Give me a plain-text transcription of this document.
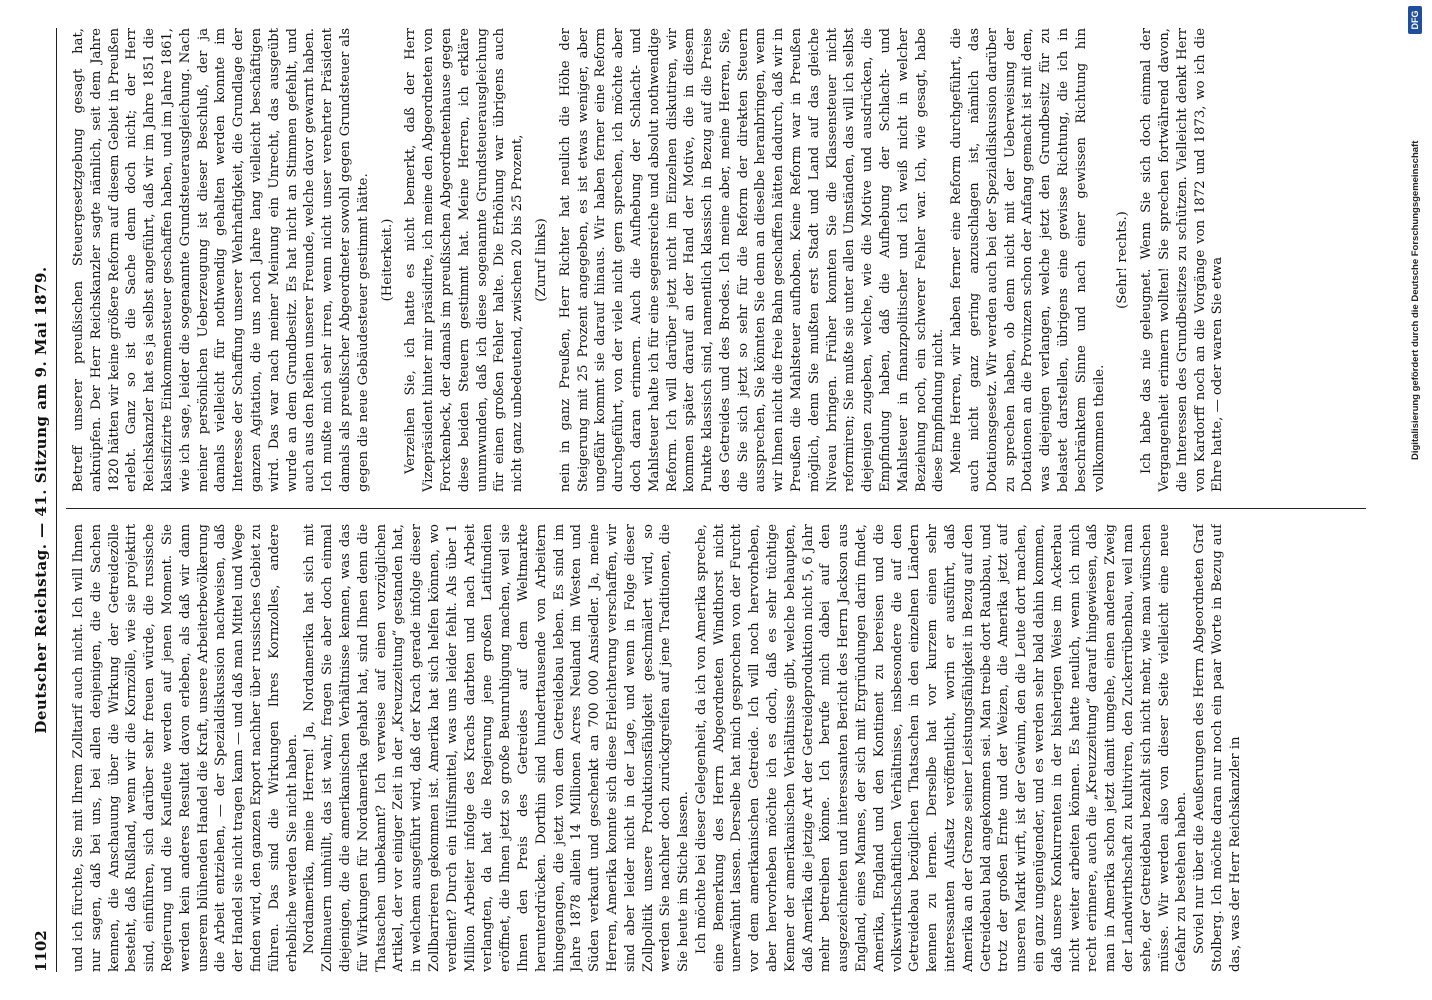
1102
Deutscher Reichstag. — 41. Sitzung am 9. Mai 1879.

und ich fürchte, Sie mit Ihrem Zolltarif auch nicht. Ich will Ihnen nur sagen, daß bei uns, bei allen denjenigen, die die Sachen kennen, die Anschauung über die Wirkung der Getreidezölle besteht, daß Rußland, wenn wir die Kornzölle, wie sie projektirt sind, einführen, sich darüber sehr freuen würde, die russische Regierung und die Kaufleute werden auf jenen Moment. Sie werden kein anderes Resultat davon erleben, als daß wir dann unserem blühenden Handel die Kraft, unsere Arbeiterbevölkerung die Arbeit entziehen, — der Spezialdiskussion nachweisen, daß der Handel sie nicht tragen kann — und daß man Mittel und Wege finden wird, den ganzen Export nachher über russisches Gebiet zu führen. Das sind die Wirkungen Ihres Kornzolles, andere erhebliche werden Sie nicht haben. Nordamerika, meine Herren! Ja, Nordamerika hat sich mit Zollmauern umhüllt, das ist wahr, fragen Sie aber doch einmal diejenigen, die die amerikanischen Verhältnisse kennen, was das für Wirkungen für Nordamerika gehabt hat, sind Ihnen denn die Thatsachen unbekannt? Ich verweise auf einen vorzüglichen Artikel, der vor einiger Zeit in der „Kreuzzeitung“ gestanden hat, in welchem ausgeführt wird, daß der Krach gerade infolge dieser Zollbarrieren gekommen ist. Amerika hat sich helfen können, wo verdient? Durch ein Hülfsmittel, was uns leider fehlt. Als über 1 Million Arbeiter infolge des Krachs darbten und nach Arbeit verlangten, da hat die Regierung jene großen Latifundien eröffnet, die Ihnen jetzt so große Beunruhigung machen, weil sie Ihnen den Preis des Getreides auf dem Weltmarkte herunterdrücken. Dorthin sind hunderttausende von Arbeitern hingegangen, die jetzt von dem Getreidebau leben. Es sind im Jahre 1878 allein 14 Millionen Acres Neuland im Westen und Süden verkauft und geschenkt an 700 000 Ansiedler. Ja, meine Herren, Amerika konnte sich diese Erleichterung verschaffen, wir sind aber leider nicht in der Lage, und wenn in Folge dieser Zollpolitik unsere Produktionsfähigkeit geschmälert wird, so werden Sie nachher doch zurückgreifen auf jene Traditionen, die Sie heute im Stiche lassen. Ich möchte bei dieser Gelegenheit, da ich von Amerika spreche, eine Bemerkung des Herrn Abgeordneten Windthorst nicht unerwähnt lassen. Derselbe hat mich gesprochen von der Furcht vor dem amerikanischen Getreide. Ich will noch hervorheben, aber hervorheben möchte ich es doch, daß es sehr tüchtige Kenner der amerikanischen Verhältnisse gibt, welche behaupten, daß Amerika die jetzige Art der Getreideproduktion nicht 5, 6 Jahr mehr betreiben könne. Ich berufe mich dabei auf den ausgezeichneten und interessanten Bericht des Herrn Jackson aus England, eines Mannes, der sich mit Ergründungen darin findet, Amerika, England und den Kontinent zu bereisen und die volkswirthschaftlichen Verhältnisse, insbesondere die auf den Getreidebau bezüglichen Thatsachen in den einzelnen Ländern kennen zu lernen. Derselbe hat vor kurzem einen sehr interessanten Aufsatz veröffentlicht, worin er ausführt, daß Amerika an der Grenze seiner Leistungsfähigkeit in Bezug auf den Getreidebau bald angekommen sei. Man treibe dort Raubbau, und trotz der großen Ernte und der Weizen, die Amerika jetzt auf unseren Markt wirft, ist der Gewinn, den die Leute dort machen, ein ganz ungenügender, und es werden sehr bald dahin kommen, daß unsere Konkurrenten in der bisherigen Weise im Ackerbau nicht weiter arbeiten können. Es hatte neulich, wenn ich mich recht erinnere, auch die „Kreuzzeitung“ darauf hingewiesen, daß man in Amerika schon jetzt damit umgehe, einen anderen Zweig der Landwirthschaft zu kultiviren, den Zuckerrübenbau, weil man sehe, der Getreidebau bezahlt sich nicht mehr, wie man wünschen müsse. Wir werden also von dieser Seite vielleicht eine neue Gefahr zu bestehen haben. Soviel nur über die Aeußerungen des Herrn Abgeordneten Graf Stolberg. Ich möchte daran nur noch ein paar Worte in Bezug auf das, was der Herr Reichskanzler in

Betreff unserer preußischen Steuergesetzgebung gesagt hat, anknüpfen. Der Herr Reichskanzler sagte nämlich, seit dem Jahre 1820 hätten wir keine größere Reform auf diesem Gebiet in Preußen erlebt. Ganz so ist die Sache denn doch nicht; der Herr Reichskanzler hat es ja selbst angeführt, daß wir im Jahre 1851 die klassifizirte Einkommensteuer geschaffen haben, und im Jahre 1861, wie ich sage, leider die sogenannte Grundsteuerausgleichung. Nach meiner persönlichen Ueberzeugung ist dieser Beschluß, der ja damals vielleicht für nothwendig gehalten werden konnte im Interesse der Schaffung unserer Wehrhaftigkeit, die Grundlage der ganzen Agitation, die uns noch Jahre lang vielleicht beschäftigen wird. Das war nach meiner Meinung ein Unrecht, das ausgeübt wurde an dem Grundbesitz. Es hat nicht an Stimmen gefehlt, und auch aus den Reihen unserer Freunde, welche davor gewarnt haben. Ich mußte mich sehr irren, wenn nicht unser verehrter Präsident damals als preußischer Abgeordneter sowohl gegen Grundsteuer als gegen die neue Gebäudesteuer gestimmt hätte. (Heiterkeit.) Verzeihen Sie, ich hatte es nicht bemerkt, daß der Herr Vizepräsident hinter mir präsidirte, ich meine den Abgeordneten von Forckenbeck, der damals im preußischen Abgeordnetenhause gegen diese beiden Steuern gestimmt hat. Meine Herren, ich erkläre unumwunden, daß ich diese sogenannte Grundsteuerausgleichung für einen großen Fehler halte. Die Erhöhung war übrigens auch nicht ganz unbedeutend, zwischen 20 bis 25 Prozent, (Zuruf links) nein in ganz Preußen, Herr Richter hat neulich die Höhe der Steigerung mit 25 Prozent angegeben, es ist etwas weniger, aber ungefähr kommt sie darauf hinaus. Wir haben ferner eine Reform durchgeführt, von der viele nicht gern sprechen, ich möchte aber doch daran erinnern. Auch die Aufhebung der Schlacht- und Mahlsteuer halte ich für eine segensreiche und absolut nothwendige Reform. Ich will darüber jetzt nicht im Einzelnen diskutiren, wir kommen später darauf an der Hand der Motive, die in diesem Punkte klassisch sind, namentlich klassisch in Bezug auf die Preise des Getreides und des Brodes. Ich meine aber, meine Herren, Sie, die Sie sich jetzt so sehr für die Reform der direkten Steuern aussprechen, Sie könnten Sie denn an dieselbe heranbringen, wenn wir Ihnen nicht die freie Bahn geschaffen hätten dadurch, daß wir in Preußen die Mahlsteuer aufhoben. Keine Reform war in Preußen möglich, denn Sie mußten erst Stadt und Land auf das gleiche Niveau bringen. Früher konnten Sie die Klassensteuer nicht reformiren; Sie mußte sie unter allen Umständen, das will ich selbst diejenigen zugeben, welche, wie die Motive und ausdrücken, die Empfindung haben, daß die Aufhebung der Schlacht- und Mahlsteuer in finanzpolitischer und ich weiß nicht in welcher Beziehung noch, ein schwerer Fehler war. Ich, wie gesagt, habe diese Empfindung nicht. Meine Herren, wir haben ferner eine Reform durchgeführt, die auch nicht ganz gering anzuschlagen ist, nämlich das Dotationsgesetz. Wir werden auch bei der Spezialdiskussion darüber zu sprechen haben, ob denn nicht mit der Ueberweisung der Dotationen an die Provinzen schon der Anfang gemacht ist mit dem, was diejenigen verlangen, welche jetzt den Grundbesitz für zu belastet darstellen, übrigens eine gewisse Richtung, die ich in beschränktem Sinne und nach einer gewissen Richtung hin vollkommen theile.

(Sehr! rechts.) Ich habe das nie geleugnet. Wenn Sie sich doch einmal der Vergangenheit erinnern wollten! Sie sprechen fortwährend davon, die Interessen des Grundbesitzes zu schützen. Vielleicht denkt Herr von Kardorff noch an die Vorgänge von 1872 und 1873, wo ich die Ehre hatte, — oder waren Sie etwa	Digitalisierung gefördert durch die Deutsche Forschungsgemeinschaft
DFG
